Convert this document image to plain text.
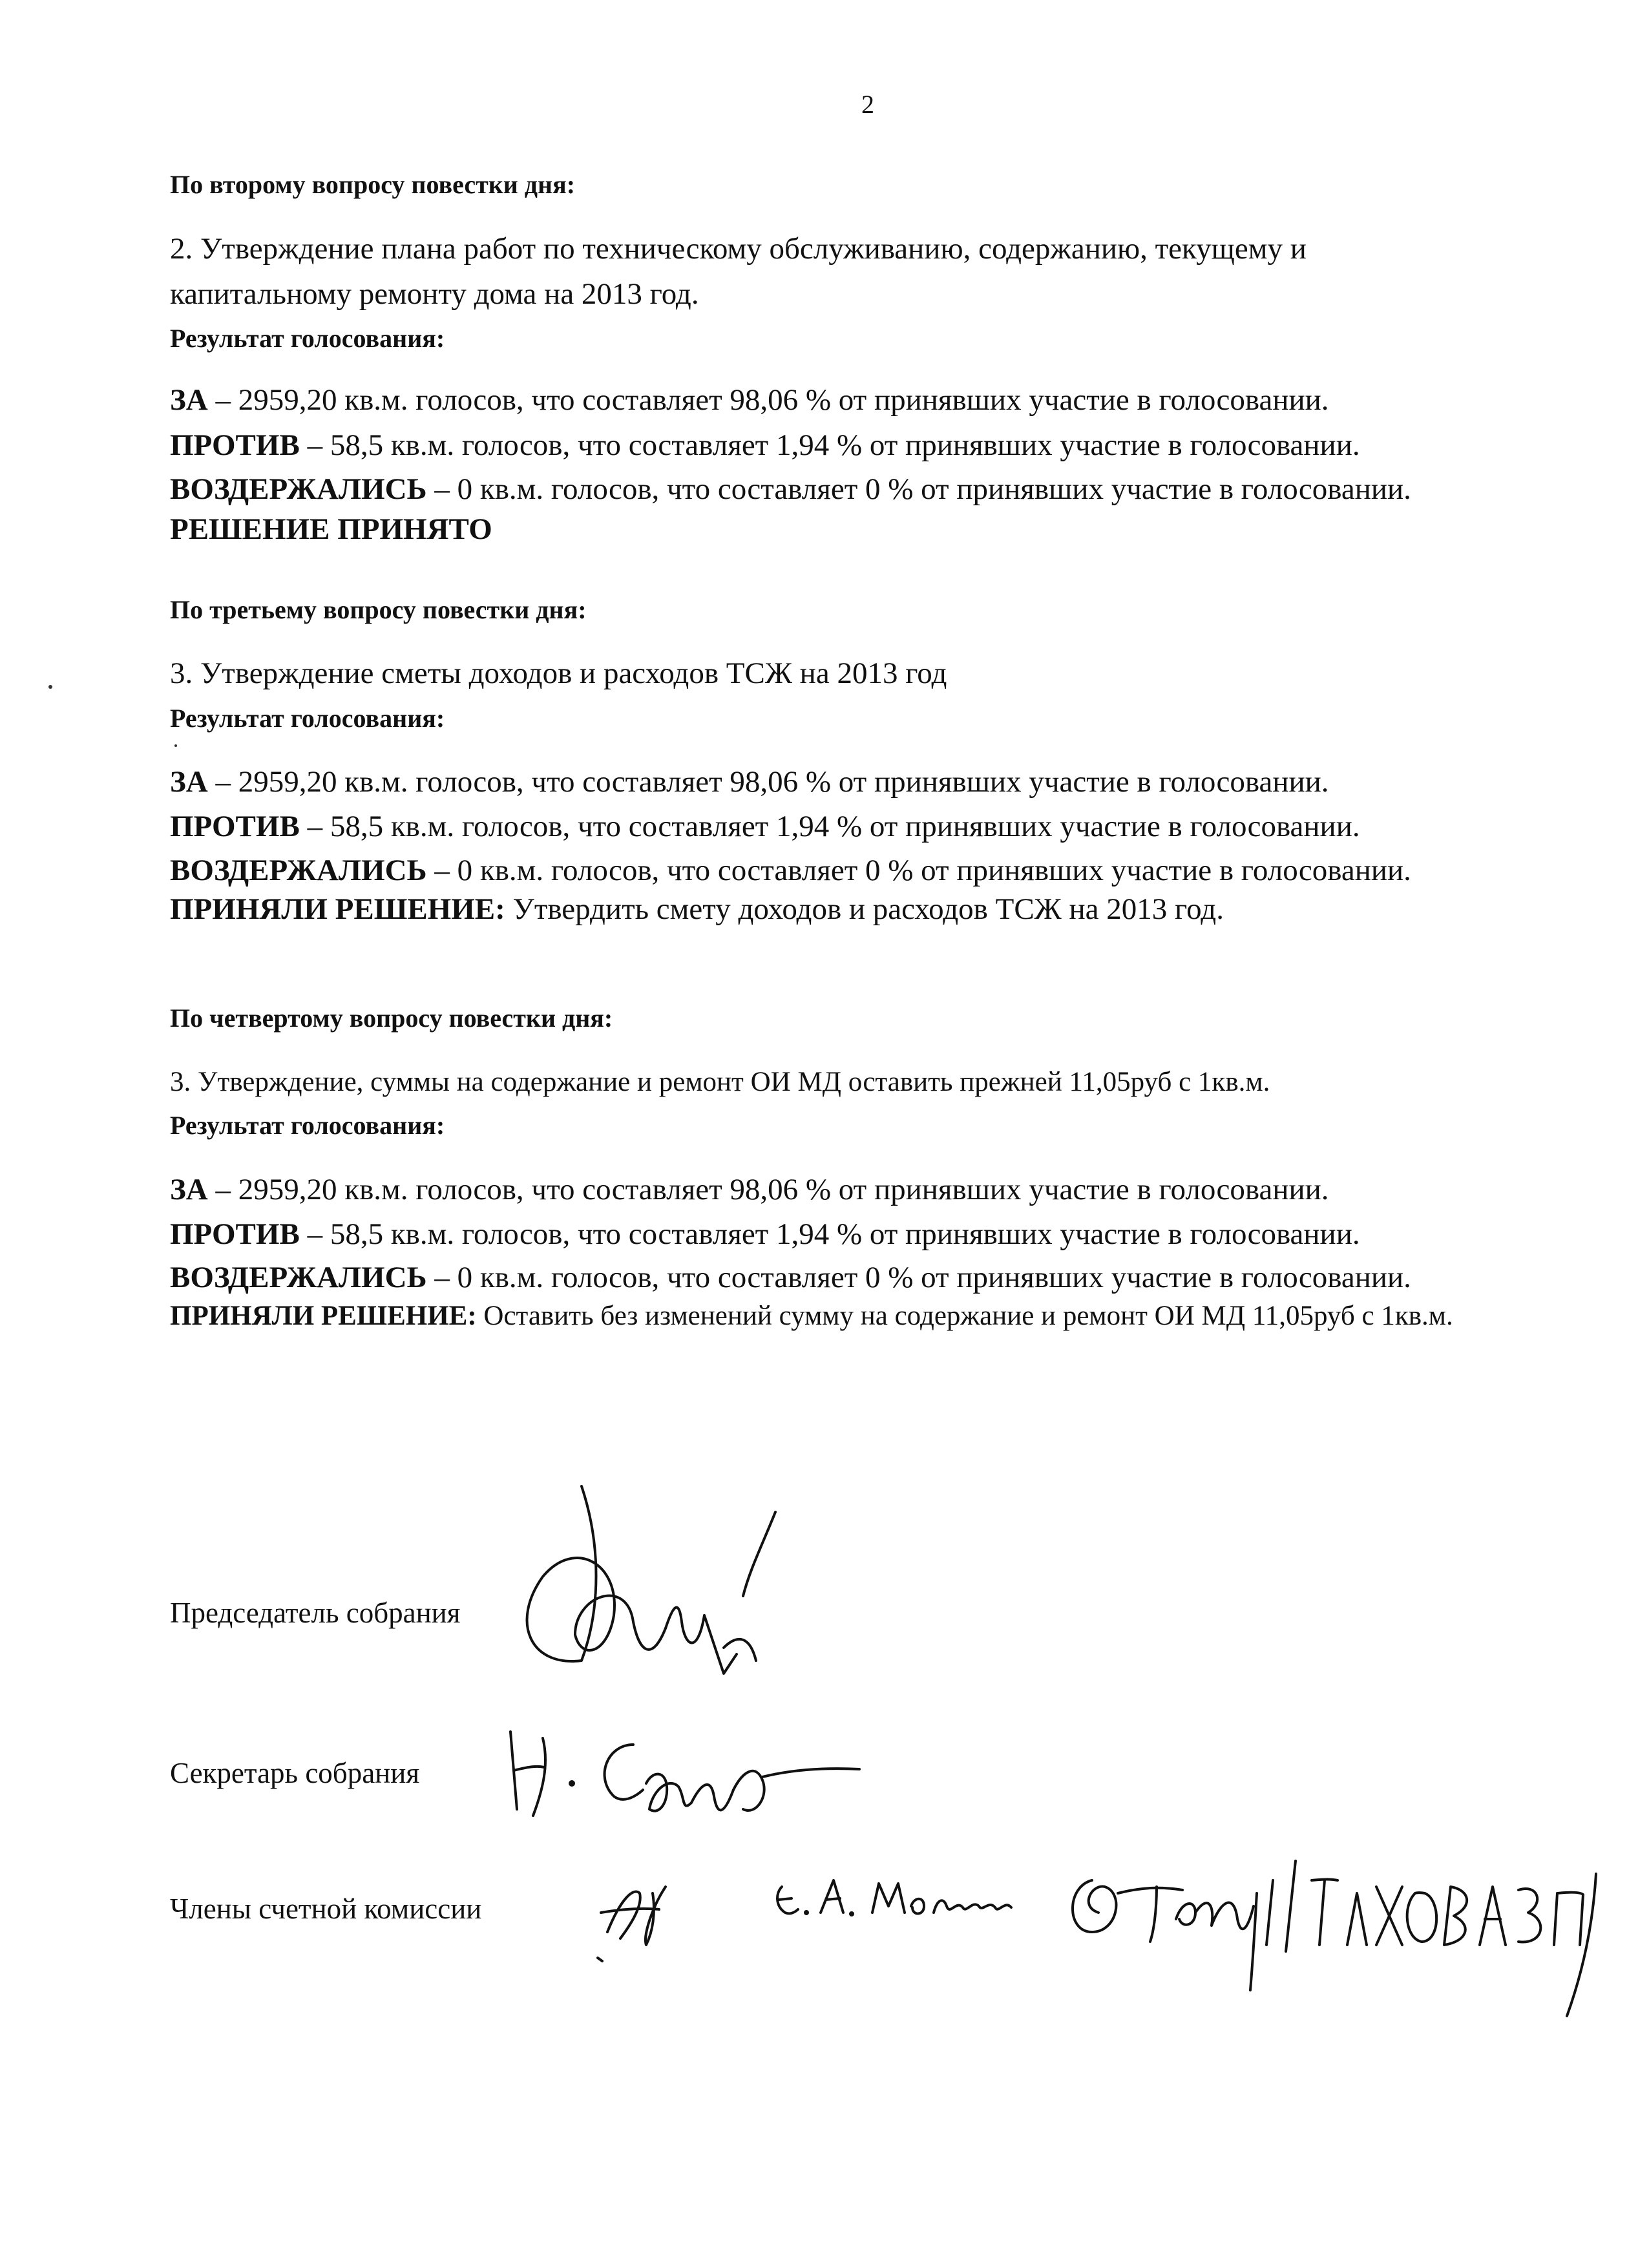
2
По второму вопросу повестки дня:
2. Утверждение плана работ по техническому обслуживанию, содержанию, текущему и
капитальному ремонту дома на 2013 год.
Результат голосования:
ЗА – 2959,20 кв.м. голосов, что составляет 98,06 % от принявших участие в голосовании.
ПРОТИВ – 58,5 кв.м. голосов, что составляет 1,94 % от принявших участие в голосовании.
ВОЗДЕРЖАЛИСЬ – 0 кв.м. голосов, что составляет 0 % от принявших участие в голосовании.
РЕШЕНИЕ ПРИНЯТО
По третьему вопросу повестки дня:
3. Утверждение сметы доходов и расходов ТСЖ на 2013 год
Результат голосования:
ЗА – 2959,20 кв.м. голосов, что составляет 98,06 % от принявших участие в голосовании.
ПРОТИВ – 58,5 кв.м. голосов, что составляет 1,94 % от принявших участие в голосовании.
ВОЗДЕРЖАЛИСЬ – 0 кв.м. голосов, что составляет 0 % от принявших участие в голосовании.
ПРИНЯЛИ РЕШЕНИЕ: Утвердить смету доходов и расходов ТСЖ на 2013 год.
По четвертому вопросу повестки дня:
3. Утверждение, суммы на содержание и ремонт ОИ МД оставить прежней 11,05руб с 1кв.м.
Результат голосования:
ЗА – 2959,20 кв.м. голосов, что составляет 98,06 % от принявших участие в голосовании.
ПРОТИВ – 58,5 кв.м. голосов, что составляет 1,94 % от принявших участие в голосовании.
ВОЗДЕРЖАЛИСЬ – 0 кв.м. голосов, что составляет 0 % от принявших участие в голосовании.
ПРИНЯЛИ РЕШЕНИЕ: Оставить без изменений сумму на содержание и ремонт ОИ МД 11,05руб с 1кв.м.
Председатель собрания
Секретарь собрания
Члены счетной комиссии
